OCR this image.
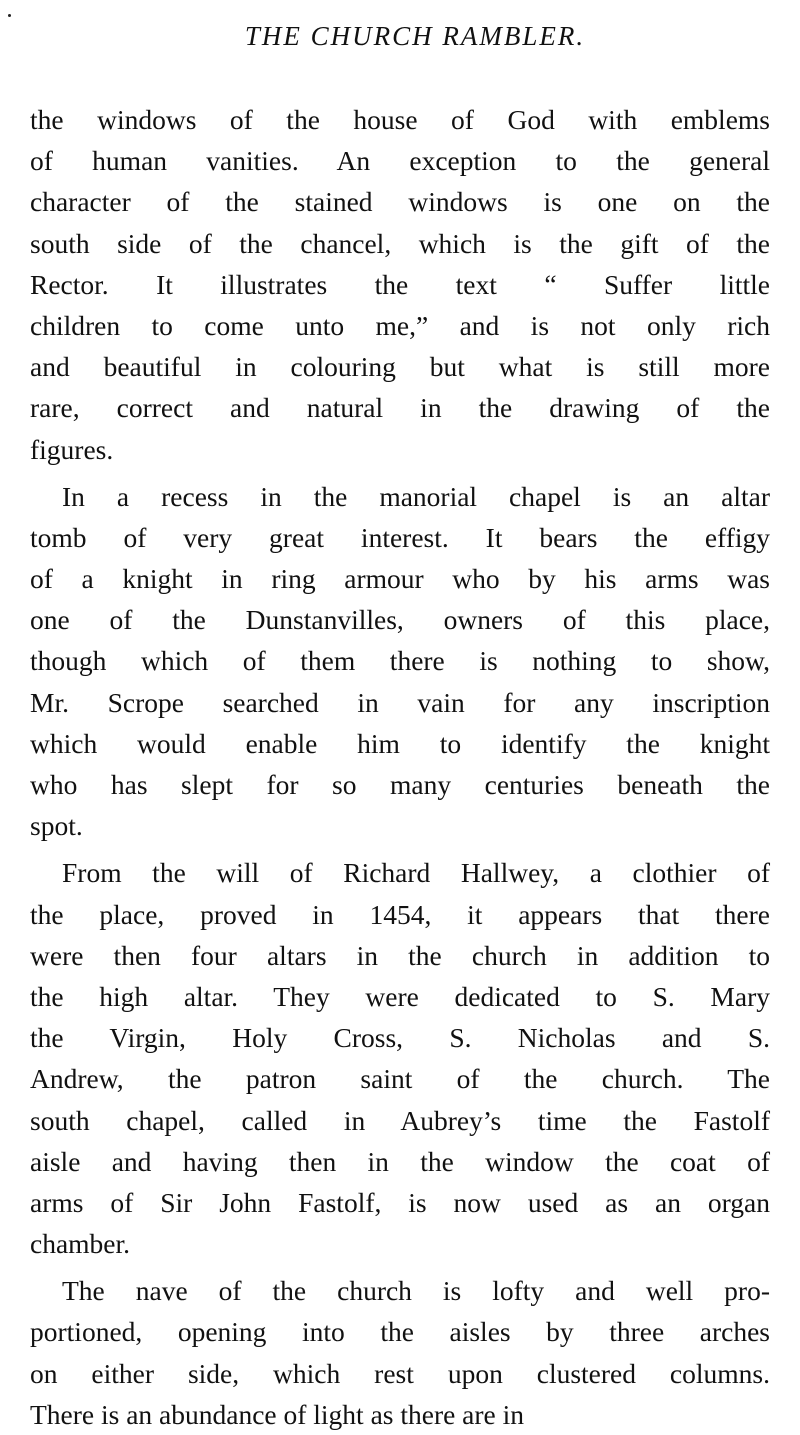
THE CHURCH RAMBLER.
the windows of the house of God with emblems
of human vanities. An exception to the general
character of the stained windows is one on the
south side of the chancel, which is the gift of the
Rector. It illustrates the text “ Suffer little
children to come unto me,” and is not only rich
and beautiful in colouring but what is still more
rare, correct and natural in the drawing of the
figures.
In a recess in the manorial chapel is an altar
tomb of very great interest. It bears the effigy
of a knight in ring armour who by his arms was
one of the Dunstanvilles, owners of this place,
though which of them there is nothing to show,
Mr. Scrope searched in vain for any inscription
which would enable him to identify the knight
who has slept for so many centuries beneath the
spot.
From the will of Richard Hallwey, a clothier of
the place, proved in 1454, it appears that there
were then four altars in the church in addition to
the high altar. They were dedicated to S. Mary
the Virgin, Holy Cross, S. Nicholas and S.
Andrew, the patron saint of the church. The
south chapel, called in Aubrey’s time the Fastolf
aisle and having then in the window the coat of
arms of Sir John Fastolf, is now used as an organ
chamber.
The nave of the church is lofty and well pro-
portioned, opening into the aisles by three arches
on either side, which rest upon clustered columns.
There is an abundance of light as there are in
